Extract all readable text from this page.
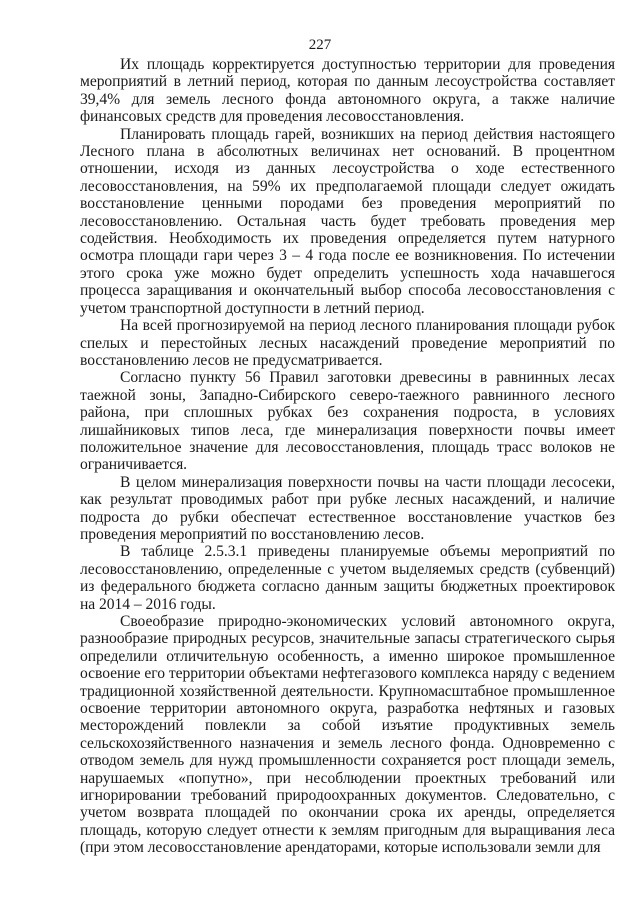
227

Их площадь корректируется доступностью территории для проведения мероприятий в летний период, которая по данным лесоустройства составляет 39,4% для земель лесного фонда автономного округа, а также наличие финансовых средств для проведения лесовосстановления.

Планировать площадь гарей, возникших на период действия настоящего Лесного плана в абсолютных величинах нет оснований. В процентном отношении, исходя из данных лесоустройства о ходе естественного лесовосстановления, на 59% их предполагаемой площади следует ожидать восстановление ценными породами без проведения мероприятий по лесовосстановлению. Остальная часть будет требовать проведения мер содействия. Необходимость их проведения определяется путем натурного осмотра площади гари через 3 – 4 года после ее возникновения. По истечении этого срока уже можно будет определить успешность хода начавшегося процесса заращивания и окончательный выбор способа лесовосстановления с учетом транспортной доступности в летний период.

На всей прогнозируемой на период лесного планирования площади рубок спелых и перестойных лесных насаждений проведение мероприятий по восстановлению лесов не предусматривается.

Согласно пункту 56 Правил заготовки древесины в равнинных лесах таежной зоны, Западно-Сибирского северо-таежного равнинного лесного района, при сплошных рубках без сохранения подроста, в условиях лишайниковых типов леса, где минерализация поверхности почвы имеет положительное значение для лесовосстановления, площадь трасс волоков не ограничивается.

В целом минерализация поверхности почвы на части площади лесосеки, как результат проводимых работ при рубке лесных насаждений, и наличие подроста до рубки обеспечат естественное восстановление участков без проведения мероприятий по восстановлению лесов.

В таблице 2.5.3.1 приведены планируемые объемы мероприятий по лесовосстановлению, определенные с учетом выделяемых средств (субвенций) из федерального бюджета согласно данным защиты бюджетных проектировок на 2014 – 2016 годы.

Своеобразие природно-экономических условий автономного округа, разнообразие природных ресурсов, значительные запасы стратегического сырья определили отличительную особенность, а именно широкое промышленное освоение его территории объектами нефтегазового комплекса наряду с ведением традиционной хозяйственной деятельности. Крупномасштабное промышленное освоение территории автономного округа, разработка нефтяных и газовых месторождений повлекли за собой изъятие продуктивных земель сельскохозяйственного назначения и земель лесного фонда. Одновременно с отводом земель для нужд промышленности сохраняется рост площади земель, нарушаемых «попутно», при несоблюдении проектных требований или игнорировании требований природоохранных документов. Следовательно, с учетом возврата площадей по окончании срока их аренды, определяется площадь, которую следует отнести к землям пригодным для выращивания леса (при этом лесовосстановление арендаторами, которые использовали земли для
